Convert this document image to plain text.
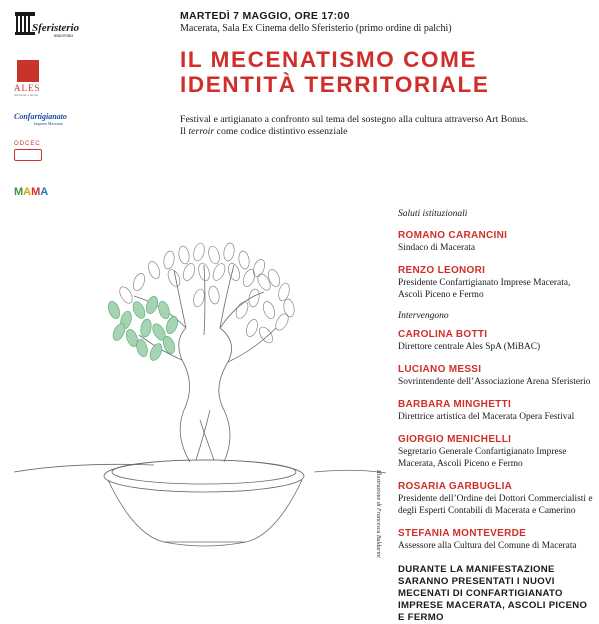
Sferisterio
macerata
ALES
arte lavoro e servizi
Confartigianato
Imprese Macerata
ODCEC
MAMA
MARTEDÌ 7 MAGGIO, ORE 17:00
Macerata, Sala Ex Cinema dello Sferisterio (primo ordine di palchi)
IL MECENATISMO COME
IDENTITÀ TERRITORIALE
Festival e artigianato a confronto sul tema del sostegno alla cultura attraverso Art Bonus.
Il terroir come codice distintivo essenziale
Illustrazione di Francesca Baldarini
Saluti istituzionali
ROMANO CARANCINI
Sindaco di Macerata
RENZO LEONORI
Presidente Confartigianato Imprese Macerata, Ascoli Piceno e Fermo
Intervengono
CAROLINA BOTTI
Direttore centrale Ales SpA (MiBAC)
LUCIANO MESSI
Sovrintendente dell’Associazione Arena Sferisterio
BARBARA MINGHETTI
Direttrice artistica del Macerata Opera Festival
GIORGIO MENICHELLI
Segretario Generale Confartigianato Imprese Macerata, Ascoli Piceno e Fermo
ROSARIA GARBUGLIA
Presidente dell’Ordine dei Dottori Commercialisti e degli Esperti Contabili di Macerata e Camerino
STEFANIA MONTEVERDE
Assessore alla Cultura del Comune di Macerata
DURANTE LA MANIFESTAZIONE SARANNO PRESENTATI I NUOVI MECENATI DI CONFARTIGIANATO IMPRESE MACERATA, ASCOLI PICENO E FERMO
